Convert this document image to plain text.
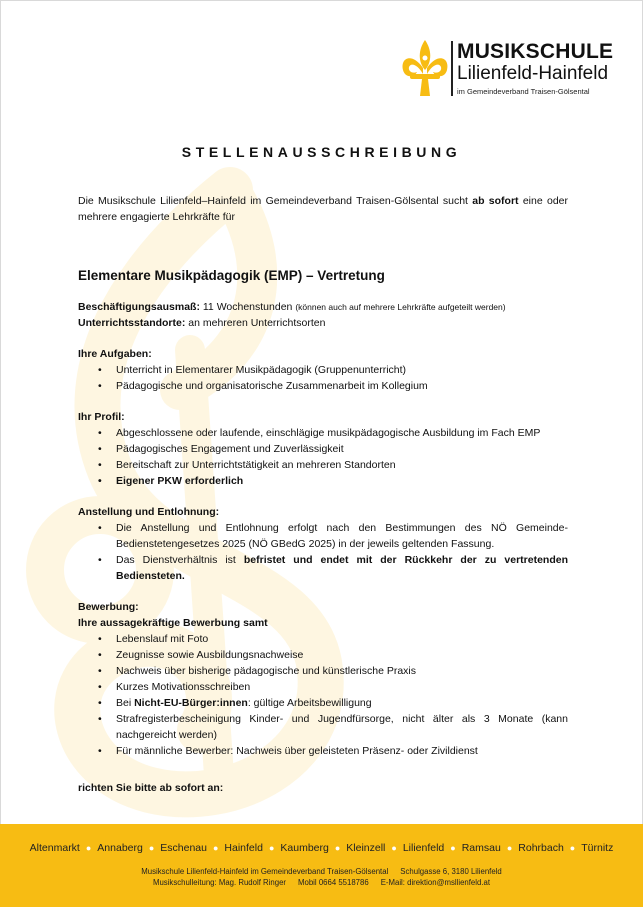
MUSIKSCHULE
Lilienfeld-Hainfeld
im Gemeindeverband Traisen-Gölsental
STELLENAUSSCHREIBUNG

Die Musikschule Lilienfeld–Hainfeld im Gemeindeverband Traisen-Gölsental sucht ab sofort eine oder mehrere engagierte Lehrkräfte für

Elementare Musikpädagogik (EMP) – Vertretung
Beschäftigungsausmaß: 11 Wochenstunden (können auch auf mehrere Lehrkräfte aufgeteilt werden)
Unterrichtsstandorte: an mehreren Unterrichtsorten
Ihre Aufgaben:
• Unterricht in Elementarer Musikpädagogik (Gruppenunterricht)
• Pädagogische und organisatorische Zusammenarbeit im Kollegium
Ihr Profil:
• Abgeschlossene oder laufende, einschlägige musikpädagogische Ausbildung im Fach EMP
• Pädagogisches Engagement und Zuverlässigkeit
• Bereitschaft zur Unterrichtstätigkeit an mehreren Standorten
• Eigener PKW erforderlich
Anstellung und Entlohnung:
• Die Anstellung und Entlohnung erfolgt nach den Bestimmungen des NÖ Gemeinde-Bedienstetengesetzes 2025 (NÖ GBedG 2025) in der jeweils geltenden Fassung.
• Das Dienstverhältnis ist befristet und endet mit der Rückkehr der zu vertretenden Bediensteten.
Bewerbung:
Ihre aussagekräftige Bewerbung samt
• Lebenslauf mit Foto
• Zeugnisse sowie Ausbildungsnachweise
• Nachweis über bisherige pädagogische und künstlerische Praxis
• Kurzes Motivationsschreiben
• Bei Nicht-EU-Bürger:innen: gültige Arbeitsbewilligung
• Strafregisterbescheinigung Kinder- und Jugendfürsorge, nicht älter als 3 Monate (kann nachgereicht werden)
• Für männliche Bewerber: Nachweis über geleisteten Präsenz- oder Zivildienst
richten Sie bitte ab sofort an:
Altenmarkt ● Annaberg ● Eschenau ● Hainfeld ● Kaumberg ● Kleinzell ● Lilienfeld ● Ramsau ● Rohrbach ● Türnitz
Musikschule Lilienfeld-Hainfeld im Gemeindeverband Traisen-Gölsental Schulgasse 6, 3180 Lilienfeld
Musikschulleitung: Mag. Rudolf Ringer Mobil 0664 5518786 E-Mail: direktion@msllienfeld.at
